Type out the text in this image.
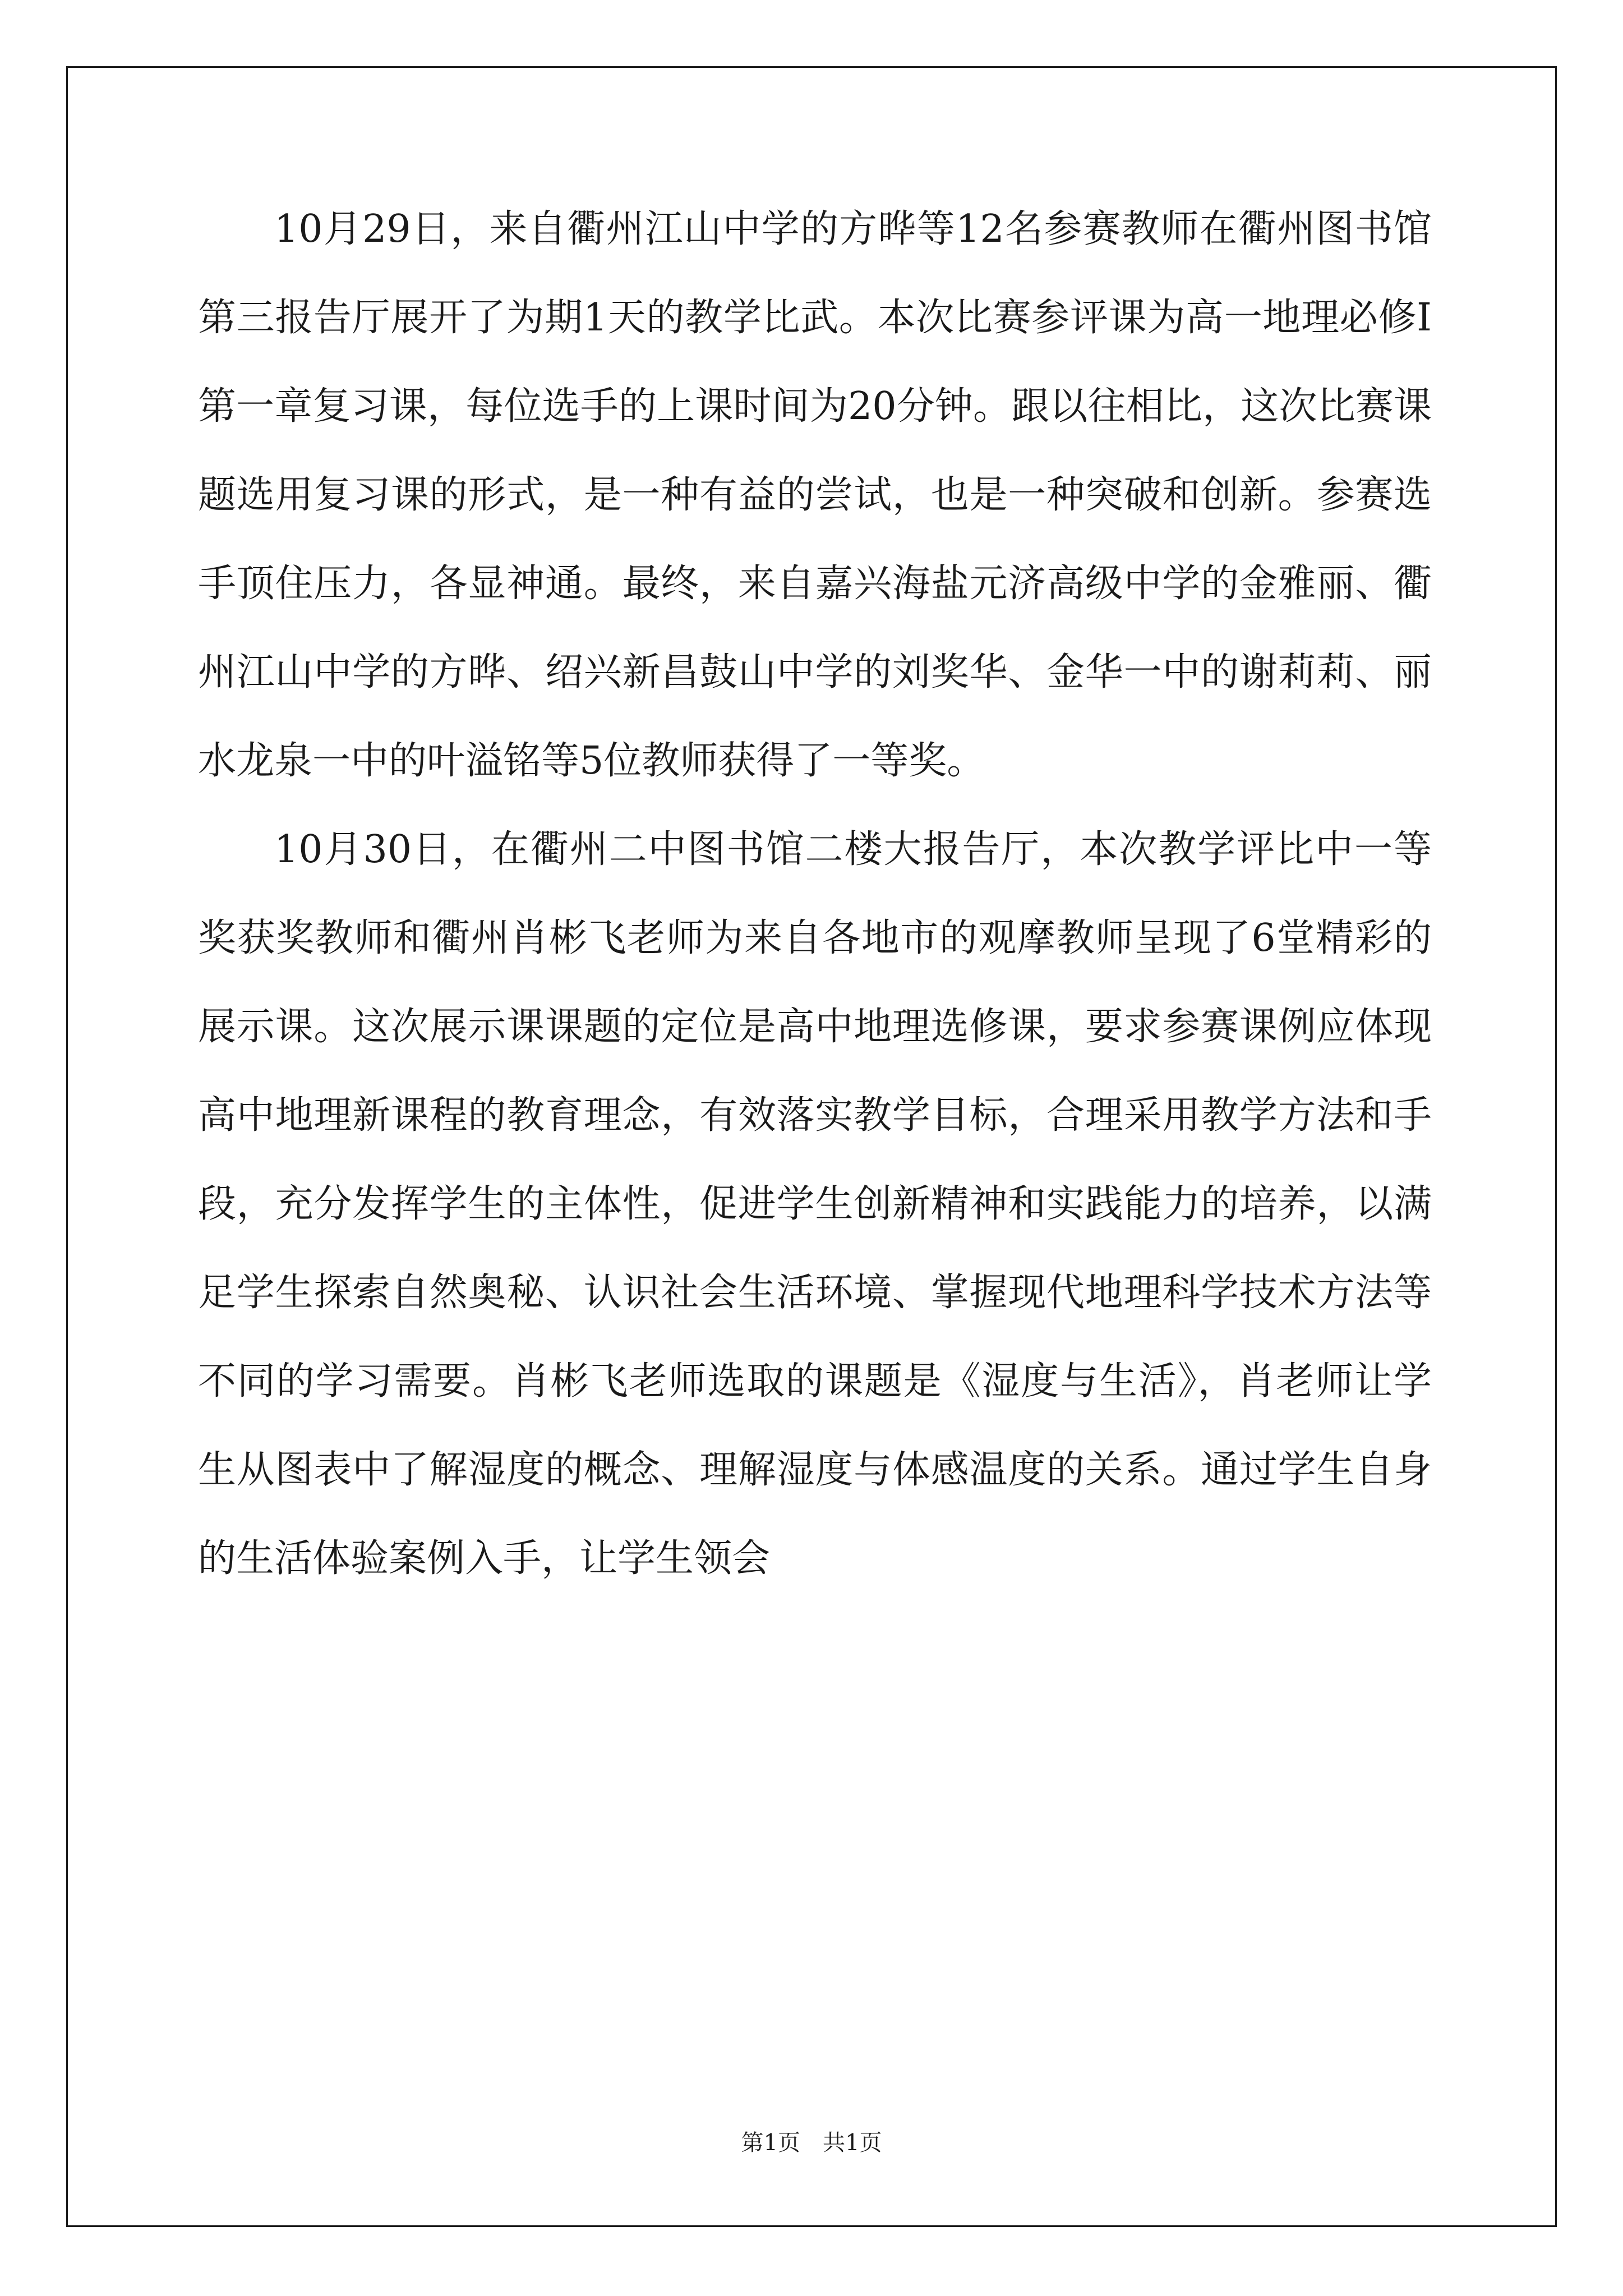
10月29日，来自衢州江山中学的方晔等12名参赛教师在衢州图书馆第三报告厅展开了为期1天的教学比武。本次比赛参评课为高一地理必修Ⅰ第一章复习课，每位选手的上课时间为20分钟。跟以往相比，这次比赛课题选用复习课的形式，是一种有益的尝试，也是一种突破和创新。参赛选手顶住压力，各显神通。最终，来自嘉兴海盐元济高级中学的金雅丽、衢州江山中学的方晔、绍兴新昌鼓山中学的刘奖华、金华一中的谢莉莉、丽水龙泉一中的叶溢铭等5位教师获得了一等奖。

10月30日，在衢州二中图书馆二楼大报告厅，本次教学评比中一等奖获奖教师和衢州肖彬飞老师为来自各地市的观摩教师呈现了6堂精彩的展示课。这次展示课课题的定位是高中地理选修课，要求参赛课例应体现高中地理新课程的教育理念，有效落实教学目标，合理采用教学方法和手段，充分发挥学生的主体性，促进学生创新精神和实践能力的培养，以满足学生探索自然奥秘、认识社会生活环境、掌握现代地理科学技术方法等不同的学习需要。肖彬飞老师选取的课题是《湿度与生活》，肖老师让学生从图表中了解湿度的概念、理解湿度与体感温度的关系。通过学生自身的生活体验案例入手，让学生领会

第1页 共1页
